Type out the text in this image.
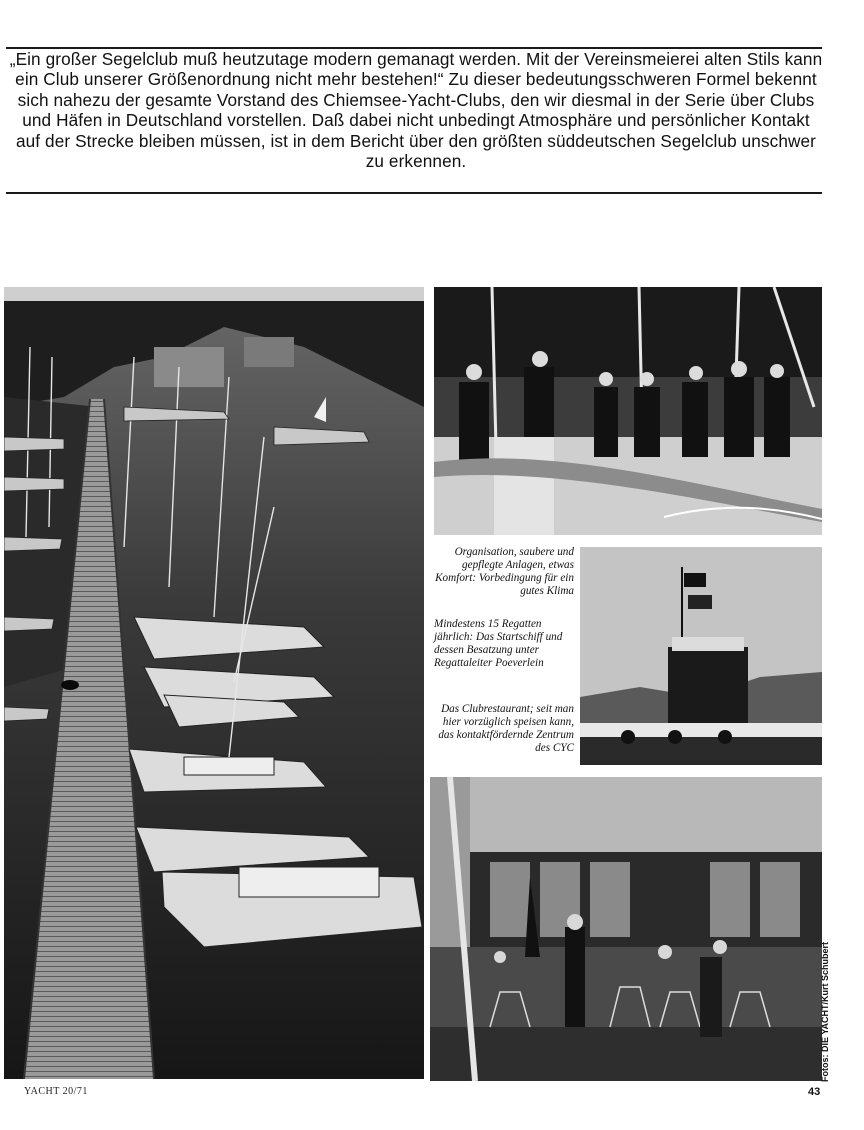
„Ein großer Segelclub muß heutzutage modern gemanagt werden. Mit der Vereinsmeierei alten Stils kann ein Club unserer Größenordnung nicht mehr bestehen!“ Zu dieser bedeutungsschweren Formel bekennt sich nahezu der gesamte Vorstand des Chiemsee-Yacht-Clubs, den wir diesmal in der Serie über Clubs und Häfen in Deutschland vorstellen. Daß dabei nicht unbedingt Atmosphäre und persönlicher Kontakt auf der Strecke bleiben müssen, ist in dem Bericht über den größten süddeutschen Segelclub unschwer zu erkennen.

Organisation, saubere und gepflegte Anlagen, etwas Komfort: Vorbedingung für ein gutes Klima

Mindestens 15 Regatten jährlich: Das Startschiff und dessen Besatzung unter Regattaleiter Poeverlein

Das Clubrestaurant; seit man hier vorzüglich speisen kann, das kontaktfördernde Zentrum des CYC

Fotos: DIE YACHT/Kurt Schubert
YACHT 20/71	43
